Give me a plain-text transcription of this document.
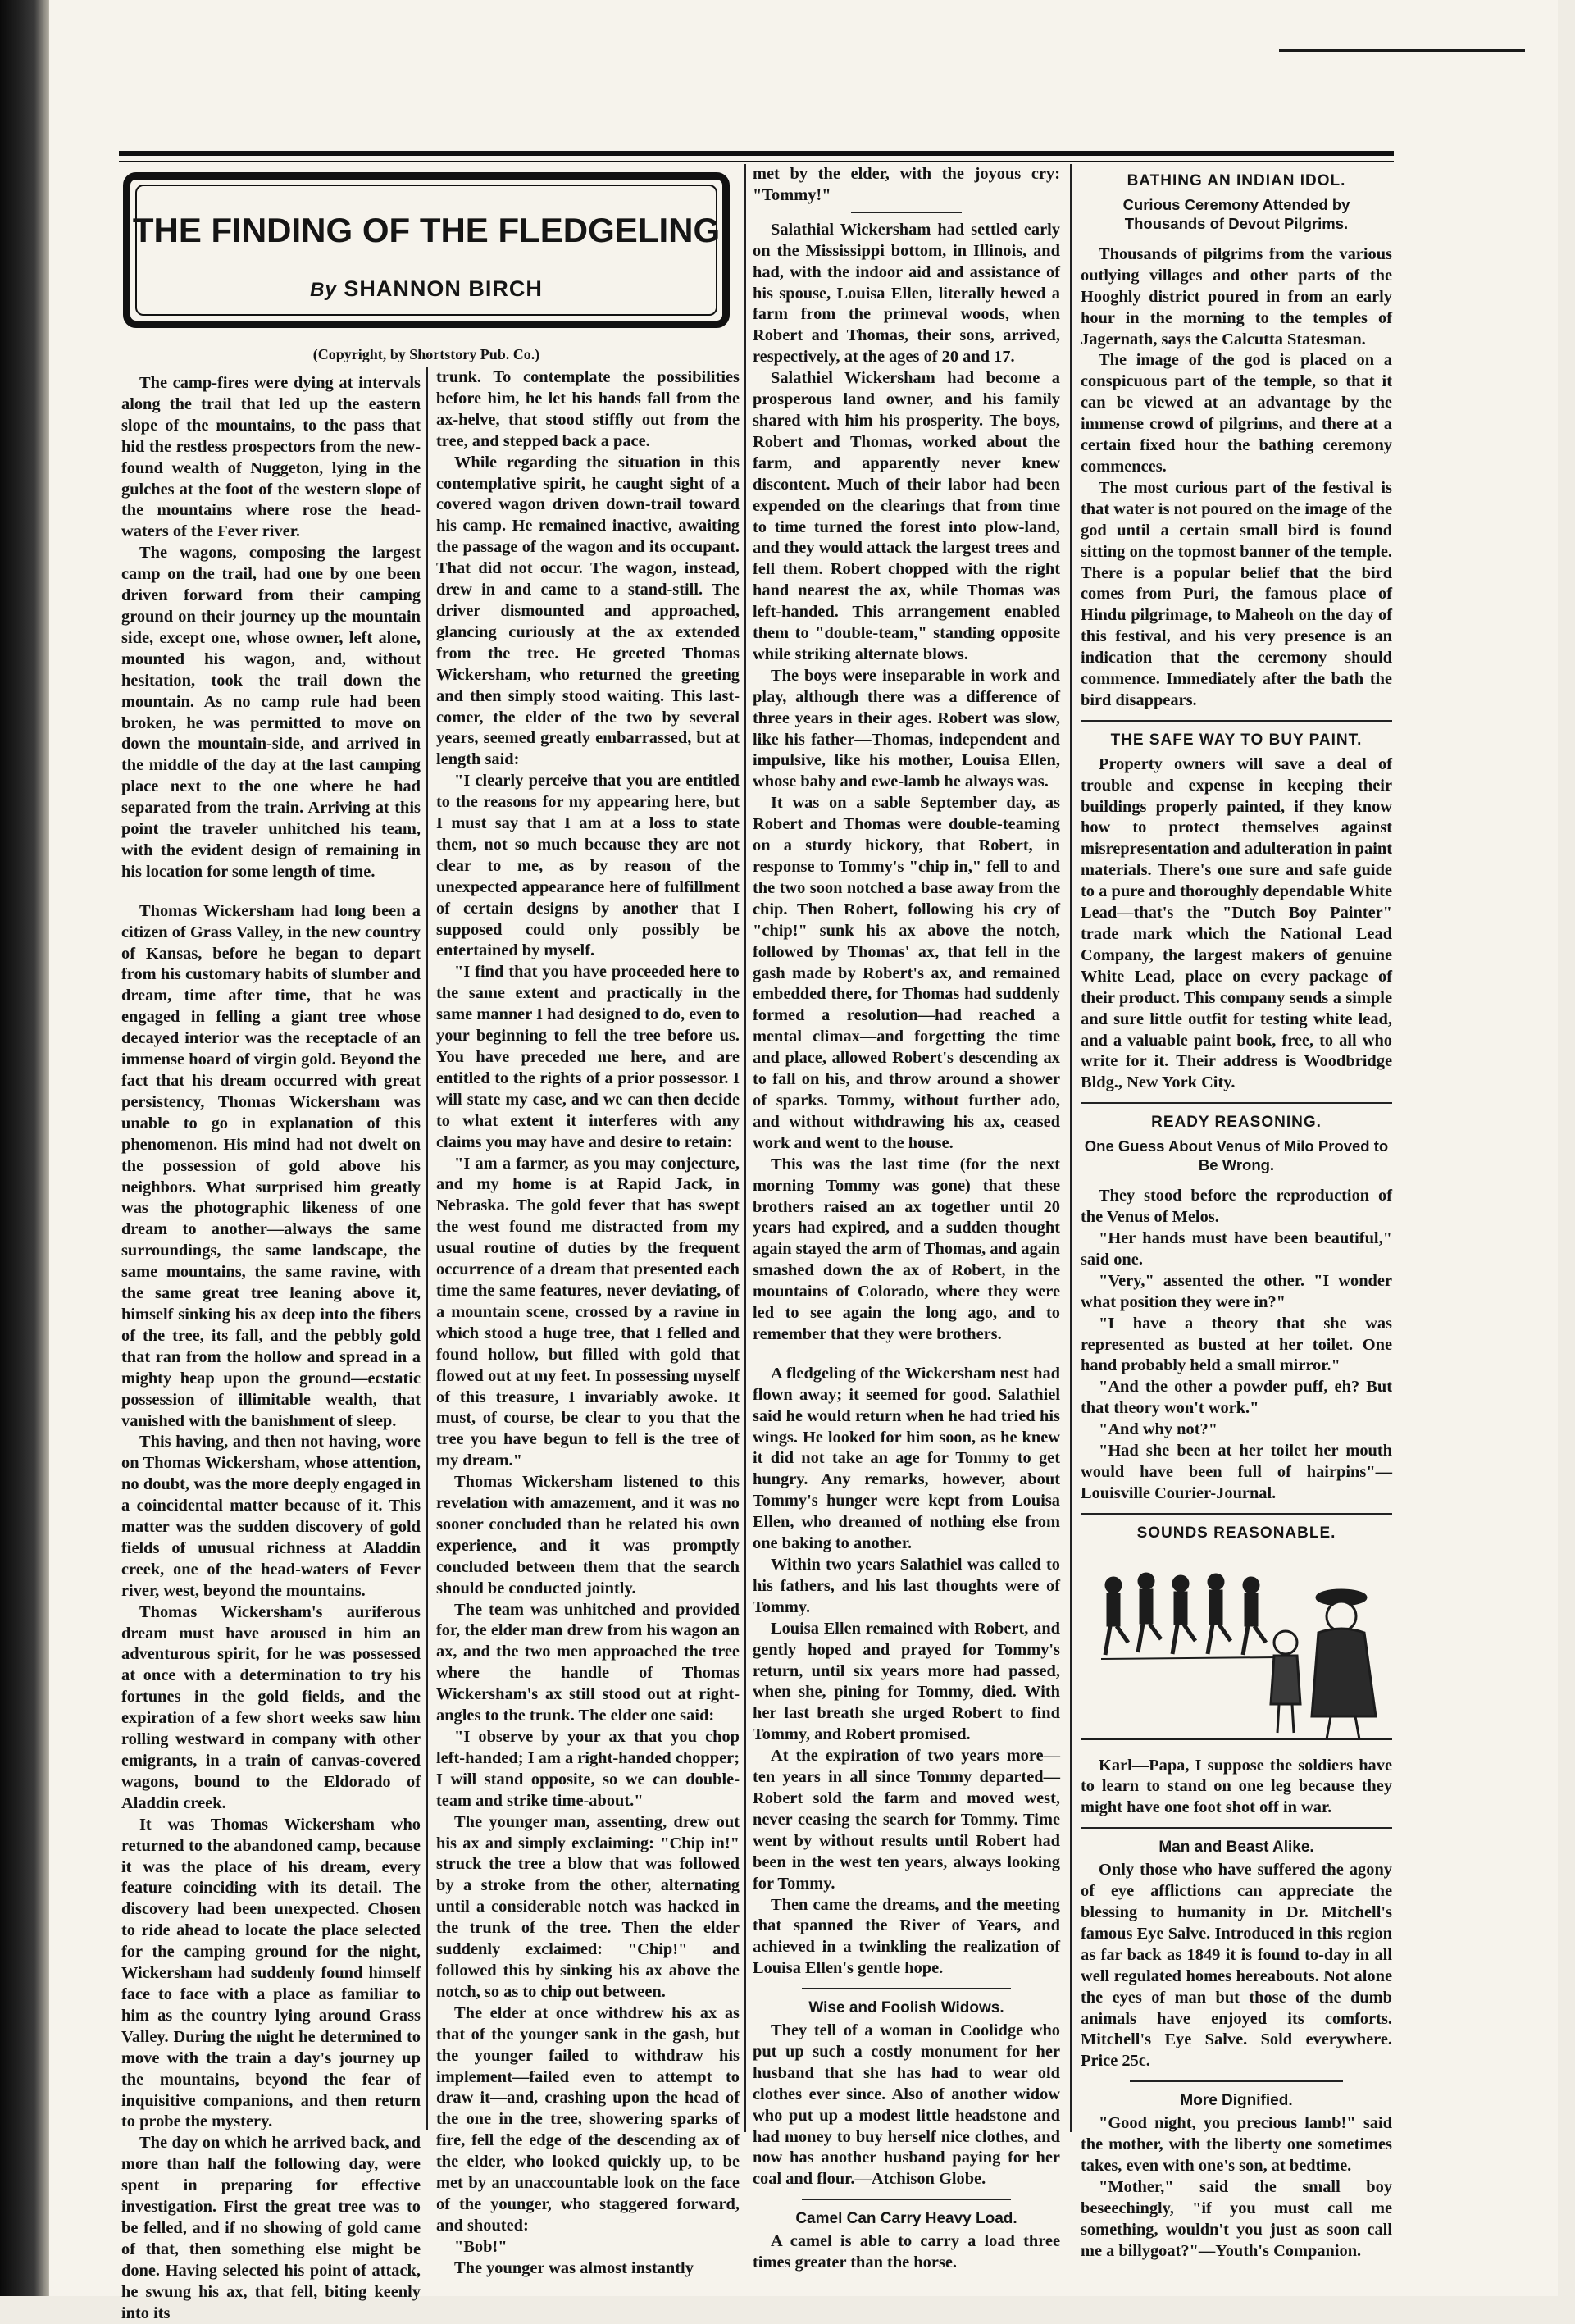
THE FINDING OF THE FLEDGELING
By SHANNON BIRCH
(Copyright, by Shortstory Pub. Co.)

The camp-fires were dying at intervals along the trail that led up the eastern slope of the mountains, to the pass that hid the restless prospectors from the new-found wealth of Nuggeton, lying in the gulches at the foot of the western slope of the mountains where rose the head-waters of the Fever river.

The wagons, composing the largest camp on the trail, had one by one been driven forward from their camping ground on their journey up the mountain side, except one, whose owner, left alone, mounted his wagon, and, without hesitation, took the trail down the mountain. As no camp rule had been broken, he was permitted to move on down the mountain-side, and arrived in the middle of the day at the last camping place next to the one where he had separated from the train. Arriving at this point the traveler unhitched his team, with the evident design of remaining in his location for some length of time.

Thomas Wickersham had long been a citizen of Grass Valley, in the new country of Kansas, before he began to depart from his customary habits of slumber and dream, time after time, that he was engaged in felling a giant tree whose decayed interior was the receptacle of an immense hoard of virgin gold. Beyond the fact that his dream occurred with great persistency, Thomas Wickersham was unable to go in explanation of this phenomenon. His mind had not dwelt on the possession of gold above his neighbors. What surprised him greatly was the photographic likeness of one dream to another—always the same surroundings, the same landscape, the same mountains, the same ravine, with the same great tree leaning above it, himself sinking his ax deep into the fibers of the tree, its fall, and the pebbly gold that ran from the hollow and spread in a mighty heap upon the ground—ecstatic possession of illimitable wealth, that vanished with the banishment of sleep.

This having, and then not having, wore on Thomas Wickersham, whose attention, no doubt, was the more deeply engaged in a coincidental matter because of it. This matter was the sudden discovery of gold fields of unusual richness at Aladdin creek, one of the head-waters of Fever river, west, beyond the mountains.

Thomas Wickersham's auriferous dream must have aroused in him an adventurous spirit, for he was possessed at once with a determination to try his fortunes in the gold fields, and the expiration of a few short weeks saw him rolling westward in company with other emigrants, in a train of canvas-covered wagons, bound to the Eldorado of Aladdin creek.

It was Thomas Wickersham who returned to the abandoned camp, because it was the place of his dream, every feature coinciding with its detail. The discovery had been unexpected. Chosen to ride ahead to locate the place selected for the camping ground for the night, Wickersham had suddenly found himself face to face with a place as familiar to him as the country lying around Grass Valley. During the night he determined to move with the train a day's journey up the mountains, beyond the fear of inquisitive companions, and then return to probe the mystery.

The day on which he arrived back, and more than half the following day, were spent in preparing for effective investigation. First the great tree was to be felled, and if no showing of gold came of that, then something else might be done. Having selected his point of attack, he swung his ax, that fell, biting keenly into its

trunk. To contemplate the possibilities before him, he let his hands fall from the ax-helve, that stood stiffly out from the tree, and stepped back a pace.

While regarding the situation in this contemplative spirit, he caught sight of a covered wagon driven down-trail toward his camp. He remained inactive, awaiting the passage of the wagon and its occupant. That did not occur. The wagon, instead, drew in and came to a stand-still. The driver dismounted and approached, glancing curiously at the ax extended from the tree. He greeted Thomas Wickersham, who returned the greeting and then simply stood waiting. This last-comer, the elder of the two by several years, seemed greatly embarrassed, but at length said:

"I clearly perceive that you are entitled to the reasons for my appearing here, but I must say that I am at a loss to state them, not so much because they are not clear to me, as by reason of the unexpected appearance here of fulfillment of certain designs by another that I supposed could only possibly be entertained by myself.

"I find that you have proceeded here to the same extent and practically in the same manner I had designed to do, even to your beginning to fell the tree before us. You have preceded me here, and are entitled to the rights of a prior possessor. I will state my case, and we can then decide to what extent it interferes with any claims you may have and desire to retain:

"I am a farmer, as you may conjecture, and my home is at Rapid Jack, in Nebraska. The gold fever that has swept the west found me distracted from my usual routine of duties by the frequent occurrence of a dream that presented each time the same features, never deviating, of a mountain scene, crossed by a ravine in which stood a huge tree, that I felled and found hollow, but filled with gold that flowed out at my feet. In possessing myself of this treasure, I invariably awoke. It must, of course, be clear to you that the tree you have begun to fell is the tree of my dream."

Thomas Wickersham listened to this revelation with amazement, and it was no sooner concluded than he related his own experience, and it was promptly concluded between them that the search should be conducted jointly.

The team was unhitched and provided for, the elder man drew from his wagon an ax, and the two men approached the tree where the handle of Thomas Wickersham's ax still stood out at right-angles to the trunk. The elder one said:

"I observe by your ax that you chop left-handed; I am a right-handed chopper; I will stand opposite, so we can double-team and strike time-about."

The younger man, assenting, drew out his ax and simply exclaiming: "Chip in!" struck the tree a blow that was followed by a stroke from the other, alternating until a considerable notch was hacked in the trunk of the tree. Then the elder suddenly exclaimed: "Chip!" and followed this by sinking his ax above the notch, so as to chip out between.

The elder at once withdrew his ax as that of the younger sank in the gash, but the younger failed to withdraw his implement—failed even to attempt to draw it—and, crashing upon the head of the one in the tree, showering sparks of fire, fell the edge of the descending ax of the elder, who looked quickly up, to be met by an unaccountable look on the face of the younger, who staggered forward, and shouted:

"Bob!"

The younger was almost instantly

met by the elder, with the joyous cry: "Tommy!"

Salathial Wickersham had settled early on the Mississippi bottom, in Illinois, and had, with the indoor aid and assistance of his spouse, Louisa Ellen, literally hewed a farm from the primeval woods, when Robert and Thomas, their sons, arrived, respectively, at the ages of 20 and 17.

Salathiel Wickersham had become a prosperous land owner, and his family shared with him his prosperity. The boys, Robert and Thomas, worked about the farm, and apparently never knew discontent. Much of their labor had been expended on the clearings that from time to time turned the forest into plow-land, and they would attack the largest trees and fell them. Robert chopped with the right hand nearest the ax, while Thomas was left-handed. This arrangement enabled them to "double-team," standing opposite while striking alternate blows.

The boys were inseparable in work and play, although there was a difference of three years in their ages. Robert was slow, like his father—Thomas, independent and impulsive, like his mother, Louisa Ellen, whose baby and ewe-lamb he always was.

It was on a sable September day, as Robert and Thomas were double-teaming on a sturdy hickory, that Robert, in response to Tommy's "chip in," fell to and the two soon notched a base away from the chip. Then Robert, following his cry of "chip!" sunk his ax above the notch, followed by Thomas' ax, that fell in the gash made by Robert's ax, and remained embedded there, for Thomas had suddenly formed a resolution—had reached a mental climax—and forgetting the time and place, allowed Robert's descending ax to fall on his, and throw around a shower of sparks. Tommy, without further ado, and without withdrawing his ax, ceased work and went to the house.

This was the last time (for the next morning Tommy was gone) that these brothers raised an ax together until 20 years had expired, and a sudden thought again stayed the arm of Thomas, and again smashed down the ax of Robert, in the mountains of Colorado, where they were led to see again the long ago, and to remember that they were brothers.

A fledgeling of the Wickersham nest had flown away; it seemed for good. Salathiel said he would return when he had tried his wings. He looked for him soon, as he knew it did not take an age for Tommy to get hungry. Any remarks, however, about Tommy's hunger were kept from Louisa Ellen, who dreamed of nothing else from one baking to another.

Within two years Salathiel was called to his fathers, and his last thoughts were of Tommy.

Louisa Ellen remained with Robert, and gently hoped and prayed for Tommy's return, until six years more had passed, when she, pining for Tommy, died. With her last breath she urged Robert to find Tommy, and Robert promised.

At the expiration of two years more—ten years in all since Tommy departed—Robert sold the farm and moved west, never ceasing the search for Tommy. Time went by without results until Robert had been in the west ten years, always looking for Tommy.

Then came the dreams, and the meeting that spanned the River of Years, and achieved in a twinkling the realization of Louisa Ellen's gentle hope.

Wise and Foolish Widows.

They tell of a woman in Coolidge who put up such a costly monument for her husband that she has had to wear old clothes ever since. Also of another widow who put up a modest little headstone and had money to buy herself nice clothes, and now has another husband paying for her coal and flour.—Atchison Globe.

Camel Can Carry Heavy Load.

A camel is able to carry a load three times greater than the horse.

BATHING AN INDIAN IDOL.
Curious Ceremony Attended by Thousands of Devout Pilgrims.

Thousands of pilgrims from the various outlying villages and other parts of the Hooghly district poured in from an early hour in the morning to the temples of Jagernath, says the Calcutta Statesman.

The image of the god is placed on a conspicuous part of the temple, so that it can be viewed at an advantage by the immense crowd of pilgrims, and there at a certain fixed hour the bathing ceremony commences.

The most curious part of the festival is that water is not poured on the image of the god until a certain small bird is found sitting on the topmost banner of the temple. There is a popular belief that the bird comes from Puri, the famous place of Hindu pilgrimage, to Maheoh on the day of this festival, and his very presence is an indication that the ceremony should commence. Immediately after the bath the bird disappears.

THE SAFE WAY TO BUY PAINT.

Property owners will save a deal of trouble and expense in keeping their buildings properly painted, if they know how to protect themselves against misrepresentation and adulteration in paint materials. There's one sure and safe guide to a pure and thoroughly dependable White Lead—that's the "Dutch Boy Painter" trade mark which the National Lead Company, the largest makers of genuine White Lead, place on every package of their product. This company sends a simple and sure little outfit for testing white lead, and a valuable paint book, free, to all who write for it. Their address is Woodbridge Bldg., New York City.

READY REASONING.
One Guess About Venus of Milo Proved to Be Wrong.

They stood before the reproduction of the Venus of Melos.

"Her hands must have been beautiful," said one.

"Very," assented the other. "I wonder what position they were in?"

"I have a theory that she was represented as busted at her toilet. One hand probably held a small mirror."

"And the other a powder puff, eh? But that theory won't work."

"And why not?"

"Had she been at her toilet her mouth would have been full of hairpins"—Louisville Courier-Journal.

SOUNDS REASONABLE.

Karl—Papa, I suppose the soldiers have to learn to stand on one leg because they might have one foot shot off in war.

Man and Beast Alike.

Only those who have suffered the agony of eye afflictions can appreciate the blessing to humanity in Dr. Mitchell's famous Eye Salve. Introduced in this region as far back as 1849 it is found to-day in all well regulated homes hereabouts. Not alone the eyes of man but those of the dumb animals have enjoyed its comforts. Mitchell's Eye Salve. Sold everywhere. Price 25c.

More Dignified.

"Good night, you precious lamb!" said the mother, with the liberty one sometimes takes, even with one's son, at bedtime.

"Mother," said the small boy beseechingly, "if you must call me something, wouldn't you just as soon call me a billygoat?"—Youth's Companion.
